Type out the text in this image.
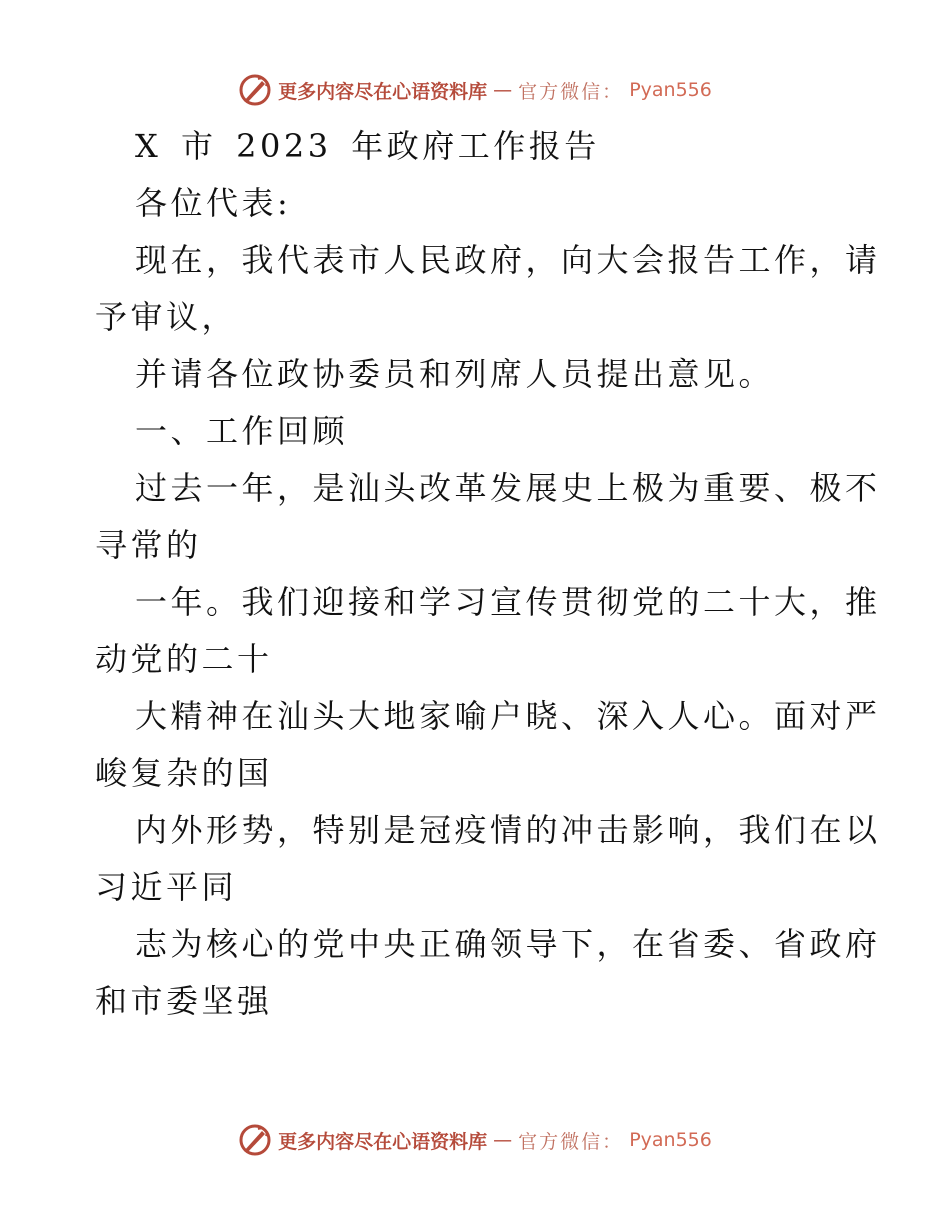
更多内容尽在心语资料库 — 官方微信： Pyan556
X 市 2023 年政府工作报告
各位代表:
现在，我代表市人民政府，向大会报告工作，请
予审议，
并请各位政协委员和列席人员提出意见。
一、工作回顾
过去一年，是汕头改革发展史上极为重要、极不
寻常的
一年。我们迎接和学习宣传贯彻党的二十大，推
动党的二十
大精神在汕头大地家喻户晓、深入人心。面对严
峻复杂的国
内外形势，特别是冠疫情的冲击影响，我们在以
习近平同
志为核心的党中央正确领导下，在省委、省政府
和市委坚强
更多内容尽在心语资料库 — 官方微信： Pyan556
